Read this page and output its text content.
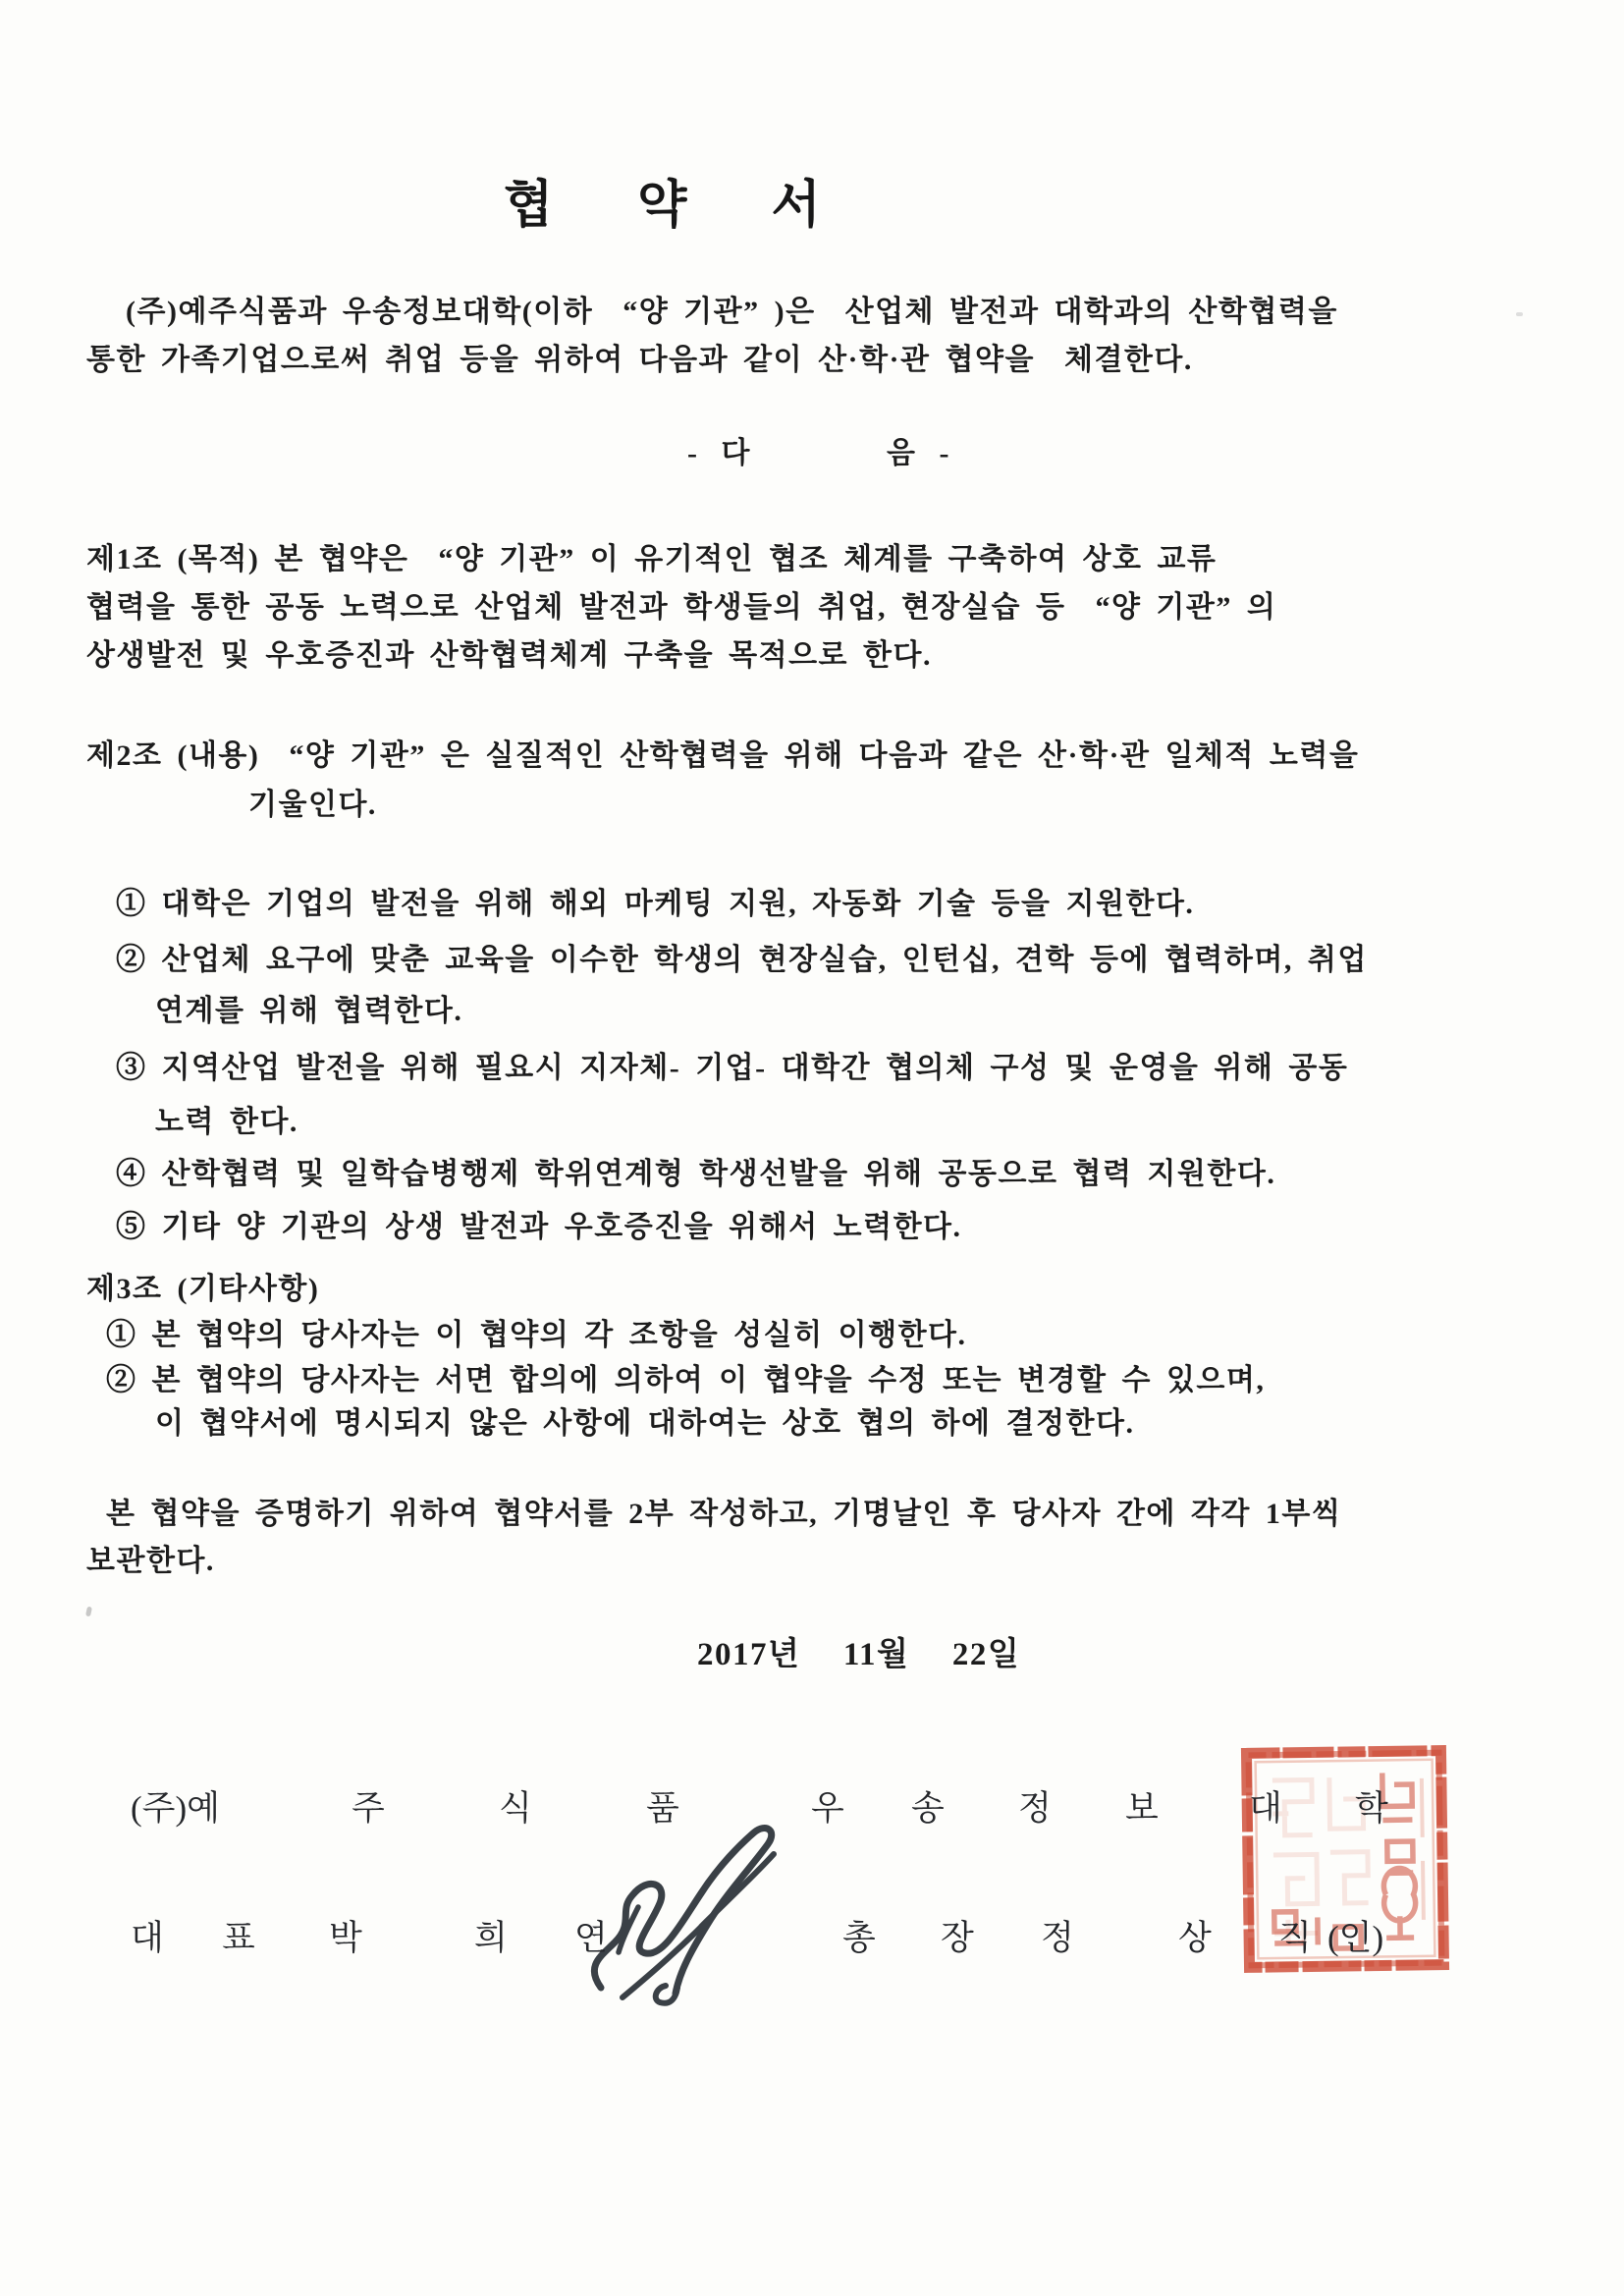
협약서
(주)예주식품과 우송정보대학(이하  “양 기관” )은  산업체 발전과 대학과의 산학협력을
통한 가족기업으로써 취업 등을 위하여 다음과 같이 산·학·관 협약을  체결한다.
- 다      음 -
제1조 (목적) 본 협약은  “양 기관” 이 유기적인 협조 체계를 구축하여 상호 교류
협력을 통한 공동 노력으로 산업체 발전과 학생들의 취업, 현장실습 등  “양 기관” 의
상생발전 및 우호증진과 산학협력체계 구축을 목적으로 한다.
제2조 (내용)  “양 기관” 은 실질적인 산학협력을 위해 다음과 같은 산·학·관 일체적 노력을
기울인다.
① 대학은 기업의 발전을 위해 해외 마케팅 지원, 자동화 기술 등을 지원한다.
② 산업체 요구에 맞춘 교육을 이수한 학생의 현장실습, 인턴십, 견학 등에 협력하며, 취업
연계를 위해 협력한다.
③ 지역산업 발전을 위해 필요시 지자체- 기업- 대학간 협의체 구성 및 운영을 위해 공동
노력 한다.
④ 산학협력 및 일학습병행제 학위연계형 학생선발을 위해 공동으로 협력 지원한다.
⑤ 기타 양 기관의 상생 발전과 우호증진을 위해서 노력한다.
제3조 (기타사항)
① 본 협약의 당사자는 이 협약의 각 조항을 성실히 이행한다.
② 본 협약의 당사자는 서면 합의에 의하여 이 협약을 수정 또는 변경할 수 있으며,
이 협약서에 명시되지 않은 사항에 대하여는 상호 협의 하에 결정한다.
본 협약을 증명하기 위하여 협약서를 2부 작성하고, 기명날인 후 당사자 간에 각각 1부씩
보관한다.
2017년  11월  22일
(주)예	주	식	품	우 송 정 보	대 학
대 표 박	희 연	총 장 정	상 직 (인)
